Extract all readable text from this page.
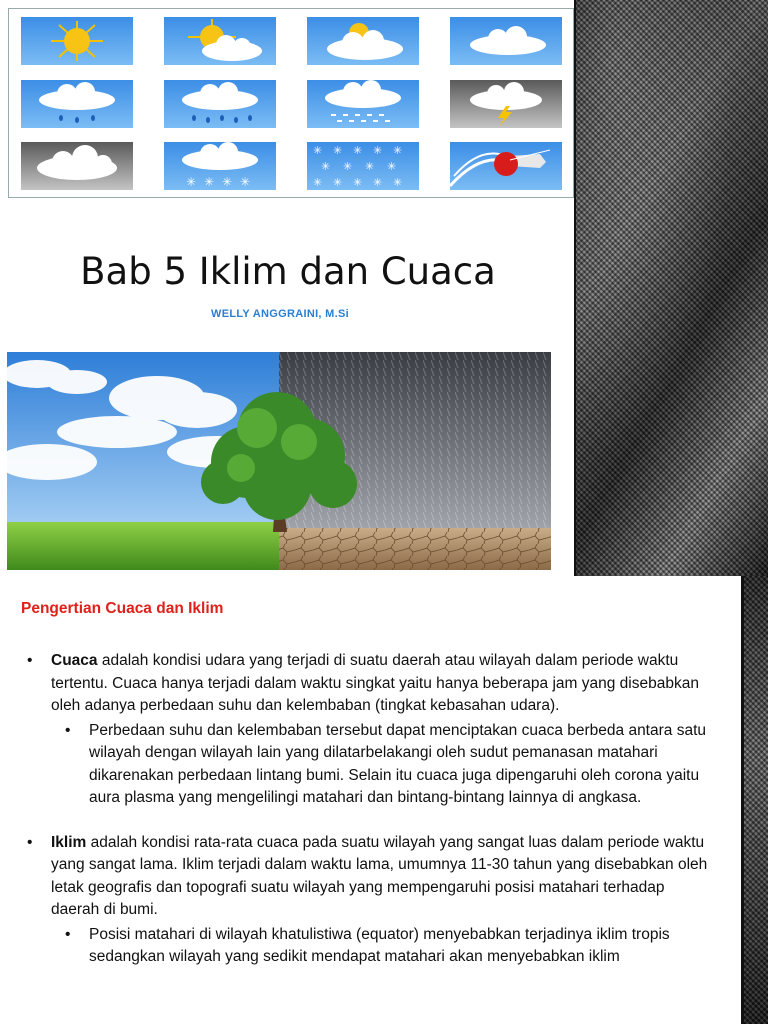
✳ ✳ ✳ ✳
✳ ✳ ✳ ✳ ✳
✳ ✳ ✳ ✳
✳ ✳ ✳ ✳ ✳
Bab 5 Iklim dan Cuaca
WELLY ANGGRAINI, M.Si
Pengertian Cuaca dan Iklim
• Cuaca adalah kondisi udara yang terjadi di suatu daerah atau wilayah dalam periode waktu tertentu. Cuaca hanya terjadi dalam waktu singkat yaitu hanya beberapa jam yang disebabkan oleh adanya perbedaan suhu dan kelembaban (tingkat kebasahan udara).
• Perbedaan suhu dan kelembaban tersebut dapat menciptakan cuaca berbeda antara satu wilayah dengan wilayah lain yang dilatarbelakangi oleh sudut pemanasan matahari dikarenakan perbedaan lintang bumi. Selain itu cuaca juga dipengaruhi oleh corona yaitu aura plasma yang mengelilingi matahari dan bintang-bintang lainnya di angkasa.
• Iklim adalah kondisi rata-rata cuaca pada suatu wilayah yang sangat luas dalam periode waktu yang sangat lama. Iklim terjadi dalam waktu lama, umumnya 11-30 tahun yang disebabkan oleh letak geografis dan topografi suatu wilayah yang mempengaruhi posisi matahari terhadap daerah di bumi.
• Posisi matahari di wilayah khatulistiwa (equator) menyebabkan terjadinya iklim tropis sedangkan wilayah yang sedikit mendapat matahari akan menyebabkan iklim
